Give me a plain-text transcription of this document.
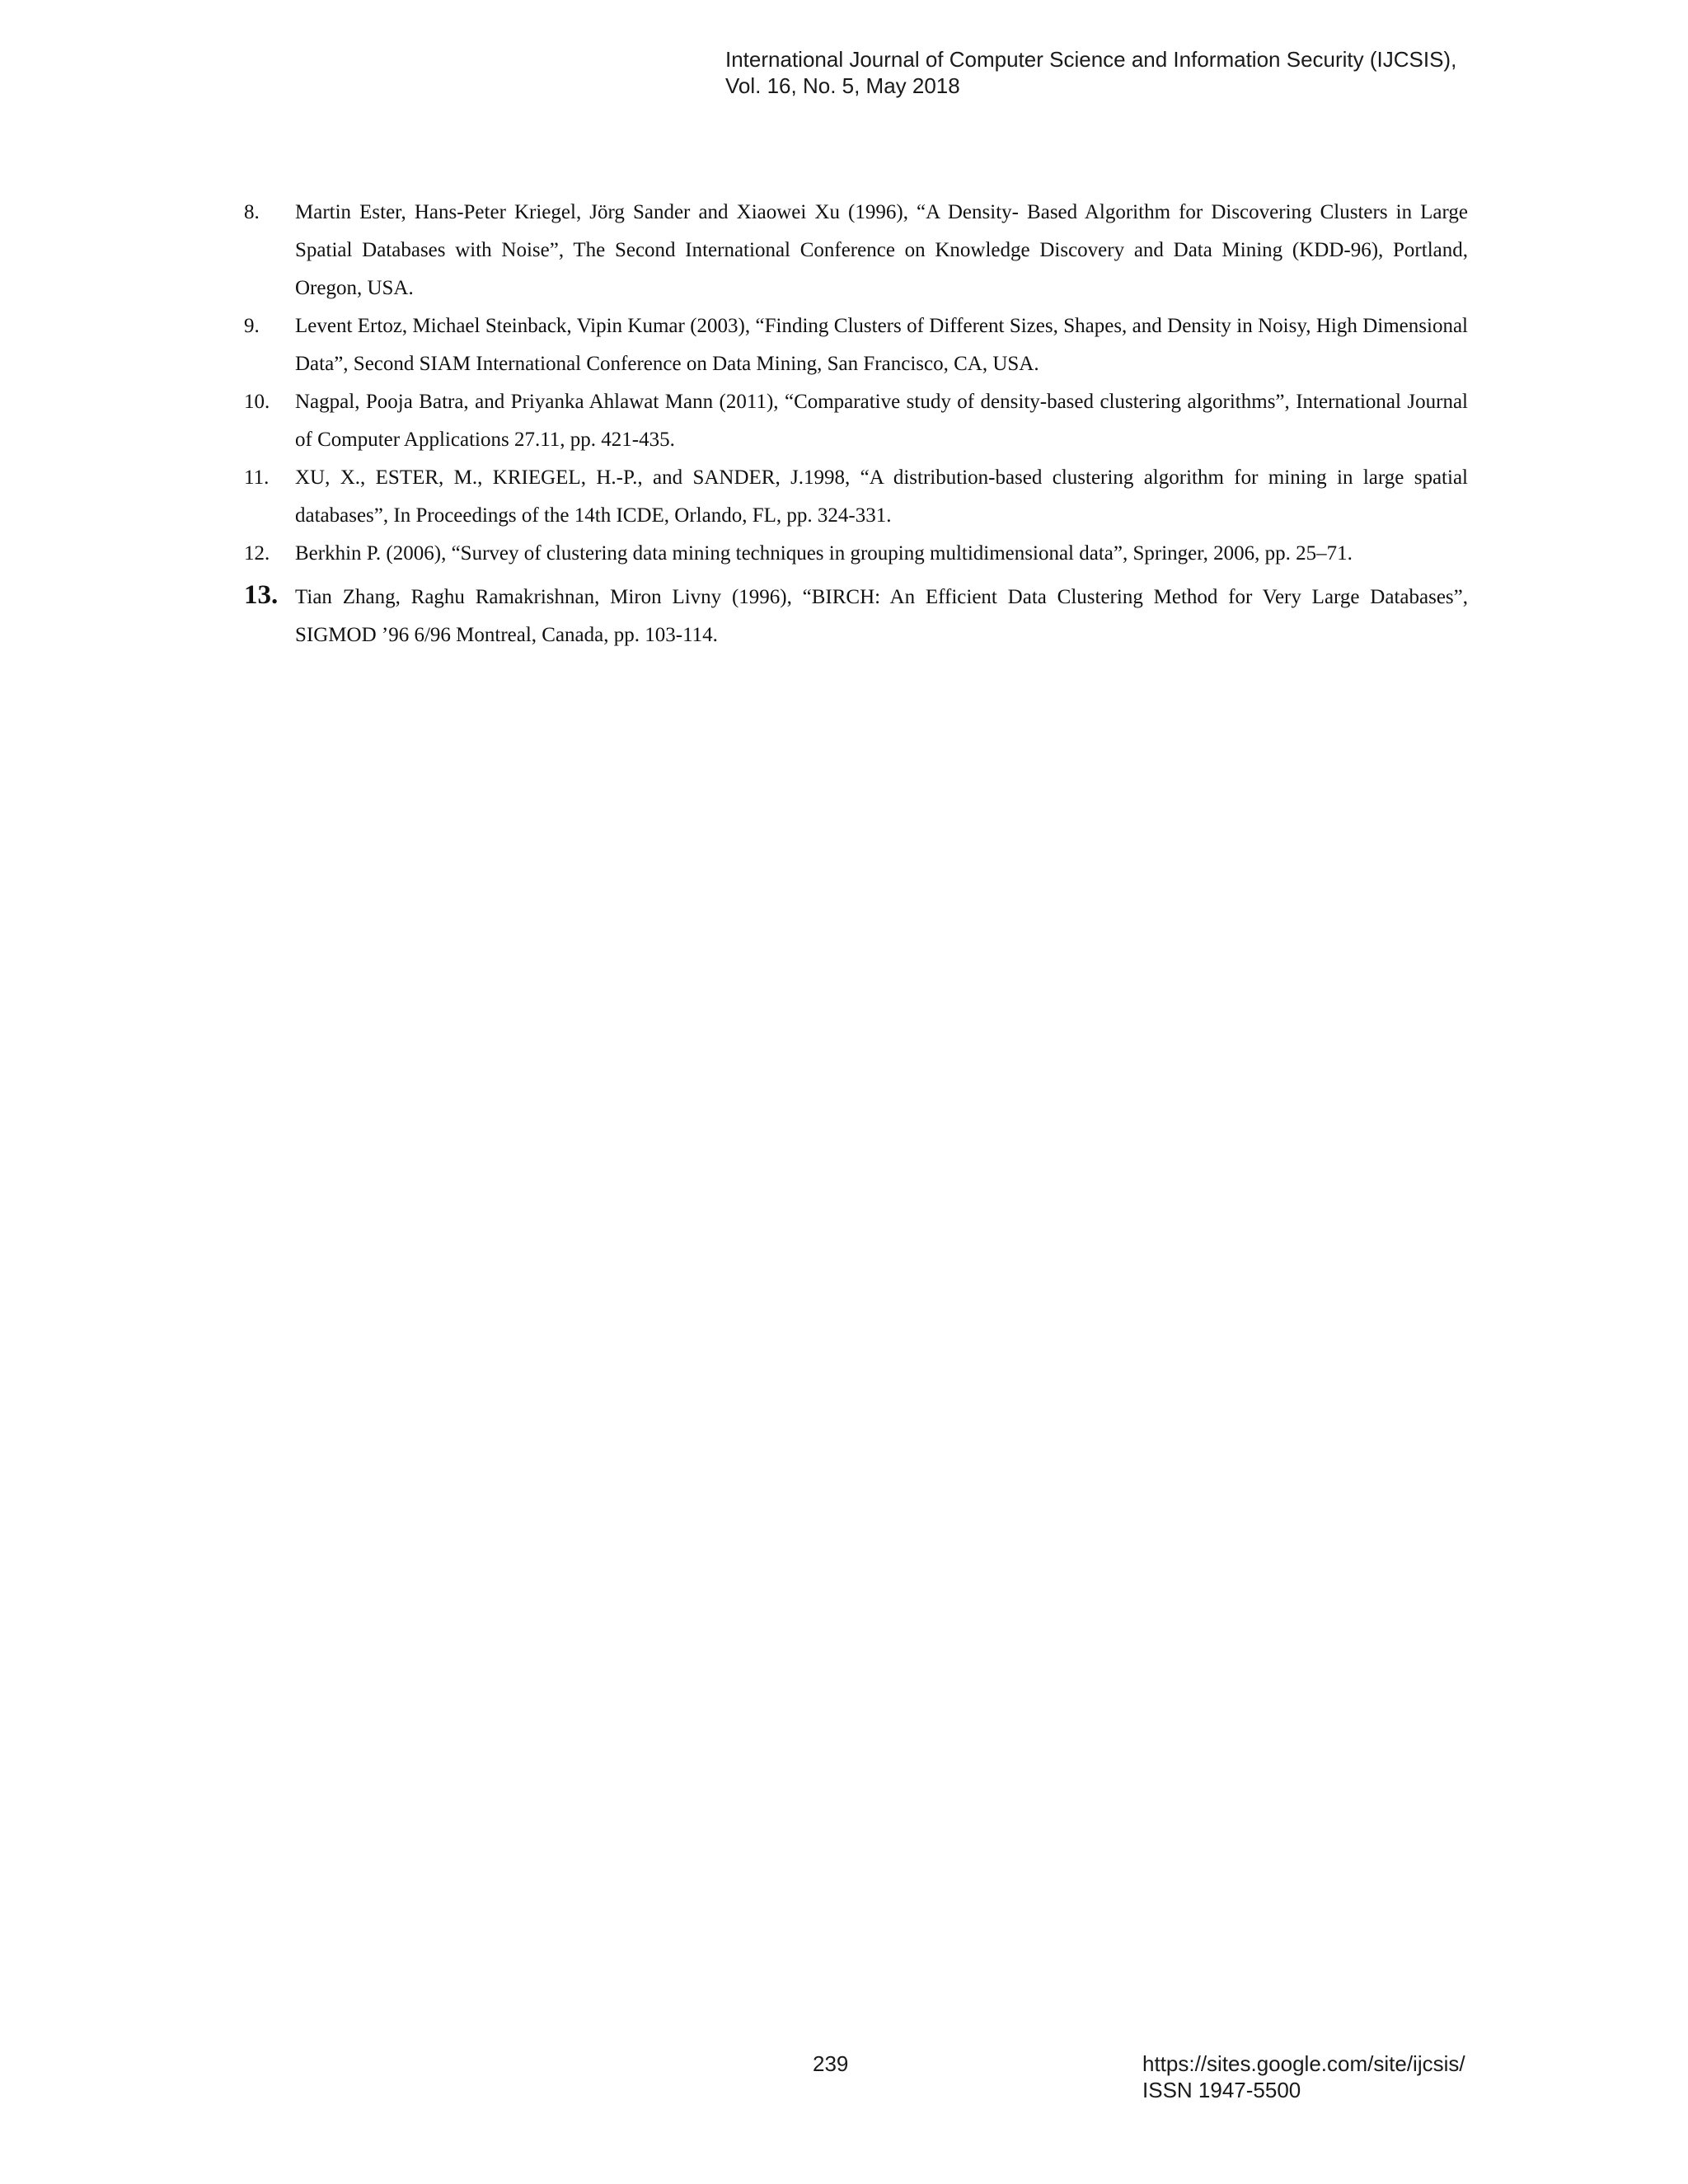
International Journal of Computer Science and Information Security (IJCSIS),
Vol. 16, No. 5, May 2018
8.	Martin Ester, Hans-Peter Kriegel, Jörg Sander and Xiaowei Xu (1996), “A Density- Based Algorithm for Discovering Clusters in Large Spatial Databases with Noise”, The Second International Conference on Knowledge Discovery and Data Mining (KDD-96), Portland, Oregon, USA.
9.	Levent Ertoz, Michael Steinback, Vipin Kumar (2003), “Finding Clusters of Different Sizes, Shapes, and Density in Noisy, High Dimensional Data”, Second SIAM International Conference on Data Mining, San Francisco, CA, USA.
10.	Nagpal, Pooja Batra, and Priyanka Ahlawat Mann (2011), “Comparative study of density-based clustering algorithms”, International Journal of Computer Applications 27.11, pp. 421-435.
11.	XU, X., ESTER, M., KRIEGEL, H.-P., and SANDER, J.1998, “A distribution-based clustering algorithm for mining in large spatial databases”, In Proceedings of the 14th ICDE, Orlando, FL, pp. 324-331.
12.	Berkhin P. (2006), “Survey of clustering data mining techniques in grouping multidimensional data”, Springer, 2006, pp. 25–71.
13. Tian Zhang, Raghu Ramakrishnan, Miron Livny (1996), “BIRCH: An Efficient Data Clustering Method for Very Large Databases”, SIGMOD ’96 6/96 Montreal, Canada, pp. 103-114.
239	https://sites.google.com/site/ijcsis/
ISSN 1947-5500
